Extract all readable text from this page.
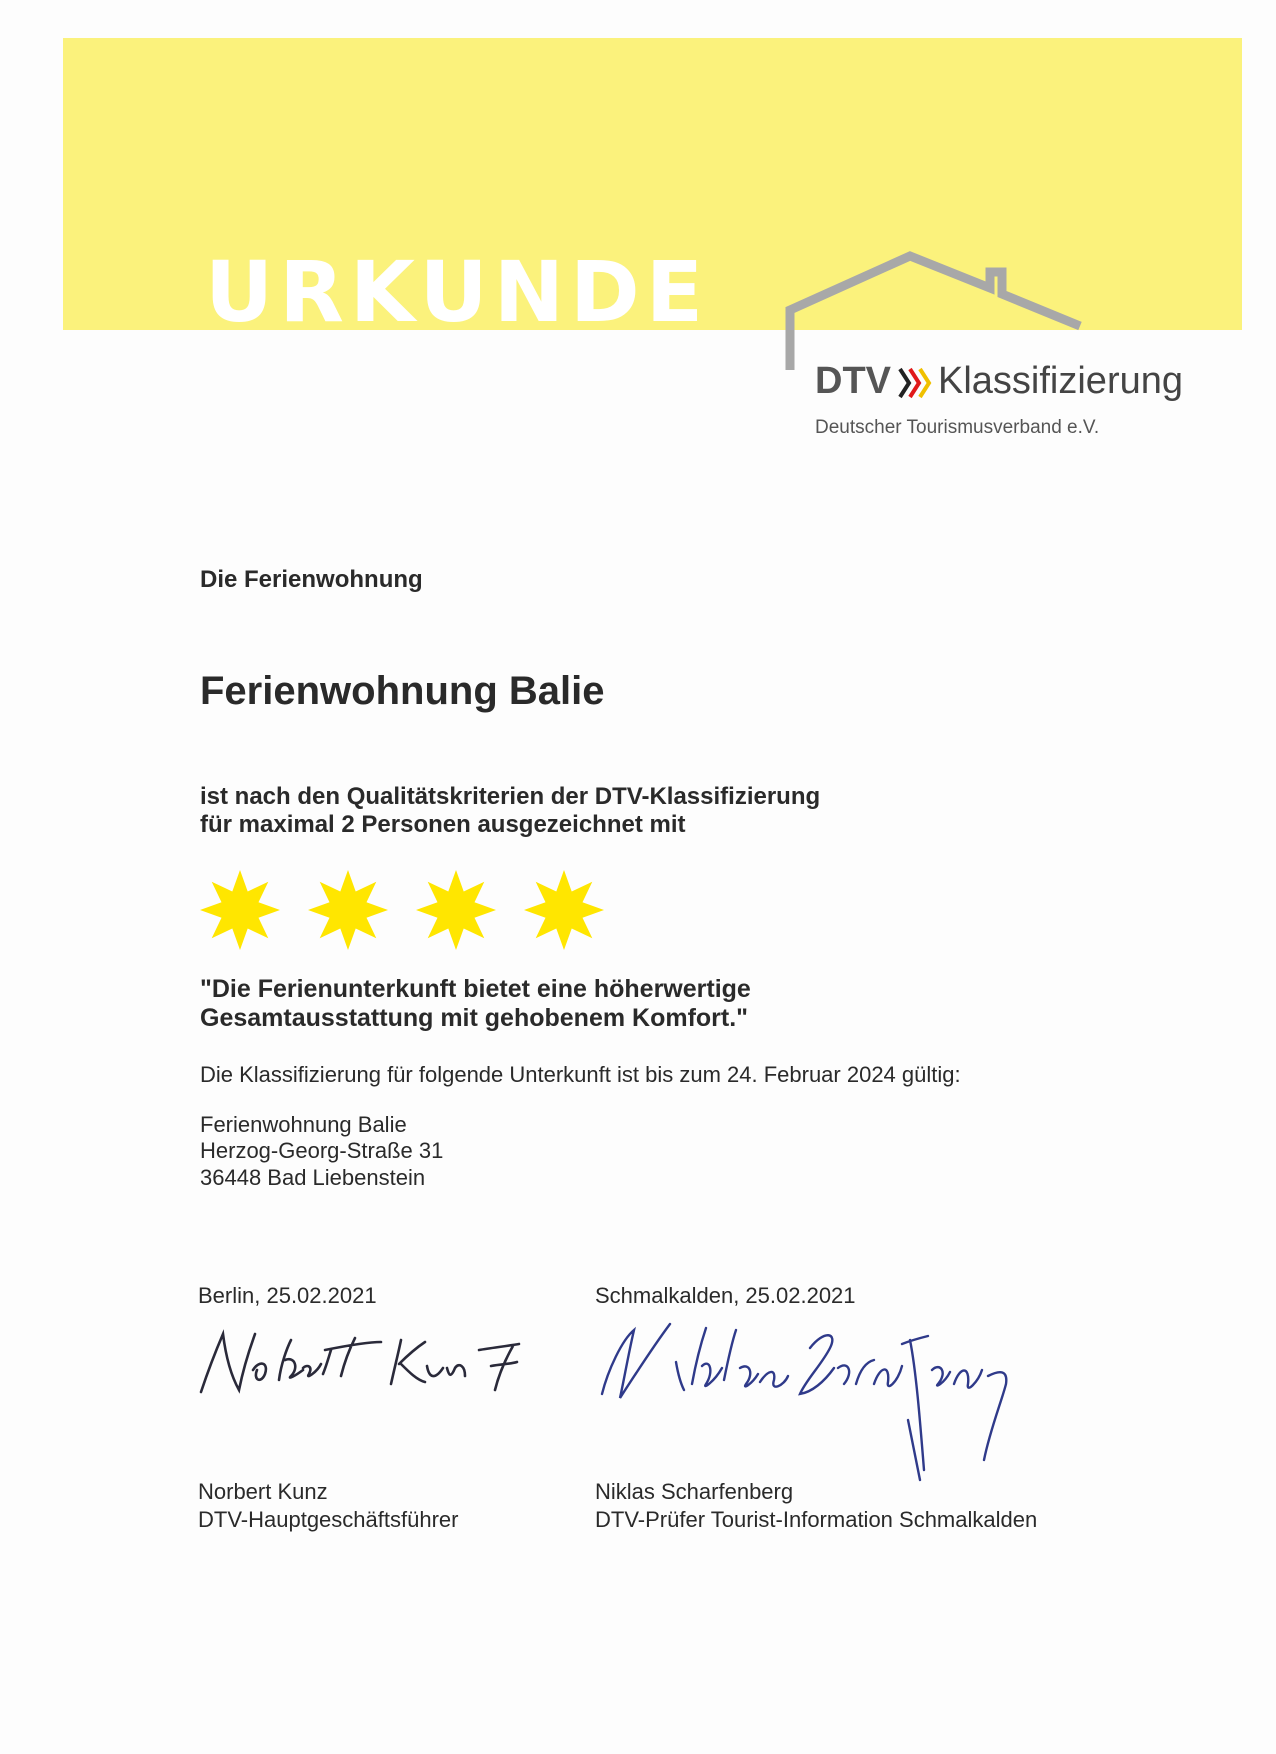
URKUNDE
DTV Klassifizierung
Deutscher Tourismusverband e.V.

Die Ferienwohnung

Ferienwohnung Balie
ist nach den Qualitätskriterien der DTV-Klassifizierung
für maximal 2 Personen ausgezeichnet mit
"Die Ferienunterkunft bietet eine höherwertige
Gesamtausstattung mit gehobenem Komfort."

Die Klassifizierung für folgende Unterkunft ist bis zum 24. Februar 2024 gültig:

Ferienwohnung Balie
Herzog-Georg-Straße 31
36448 Bad Liebenstein
Berlin, 25.02.2021	Schmalkalden, 25.02.2021
Norbert Kunz
DTV-Hauptgeschäftsführer
Niklas Scharfenberg
DTV-Prüfer Tourist-Information Schmalkalden
